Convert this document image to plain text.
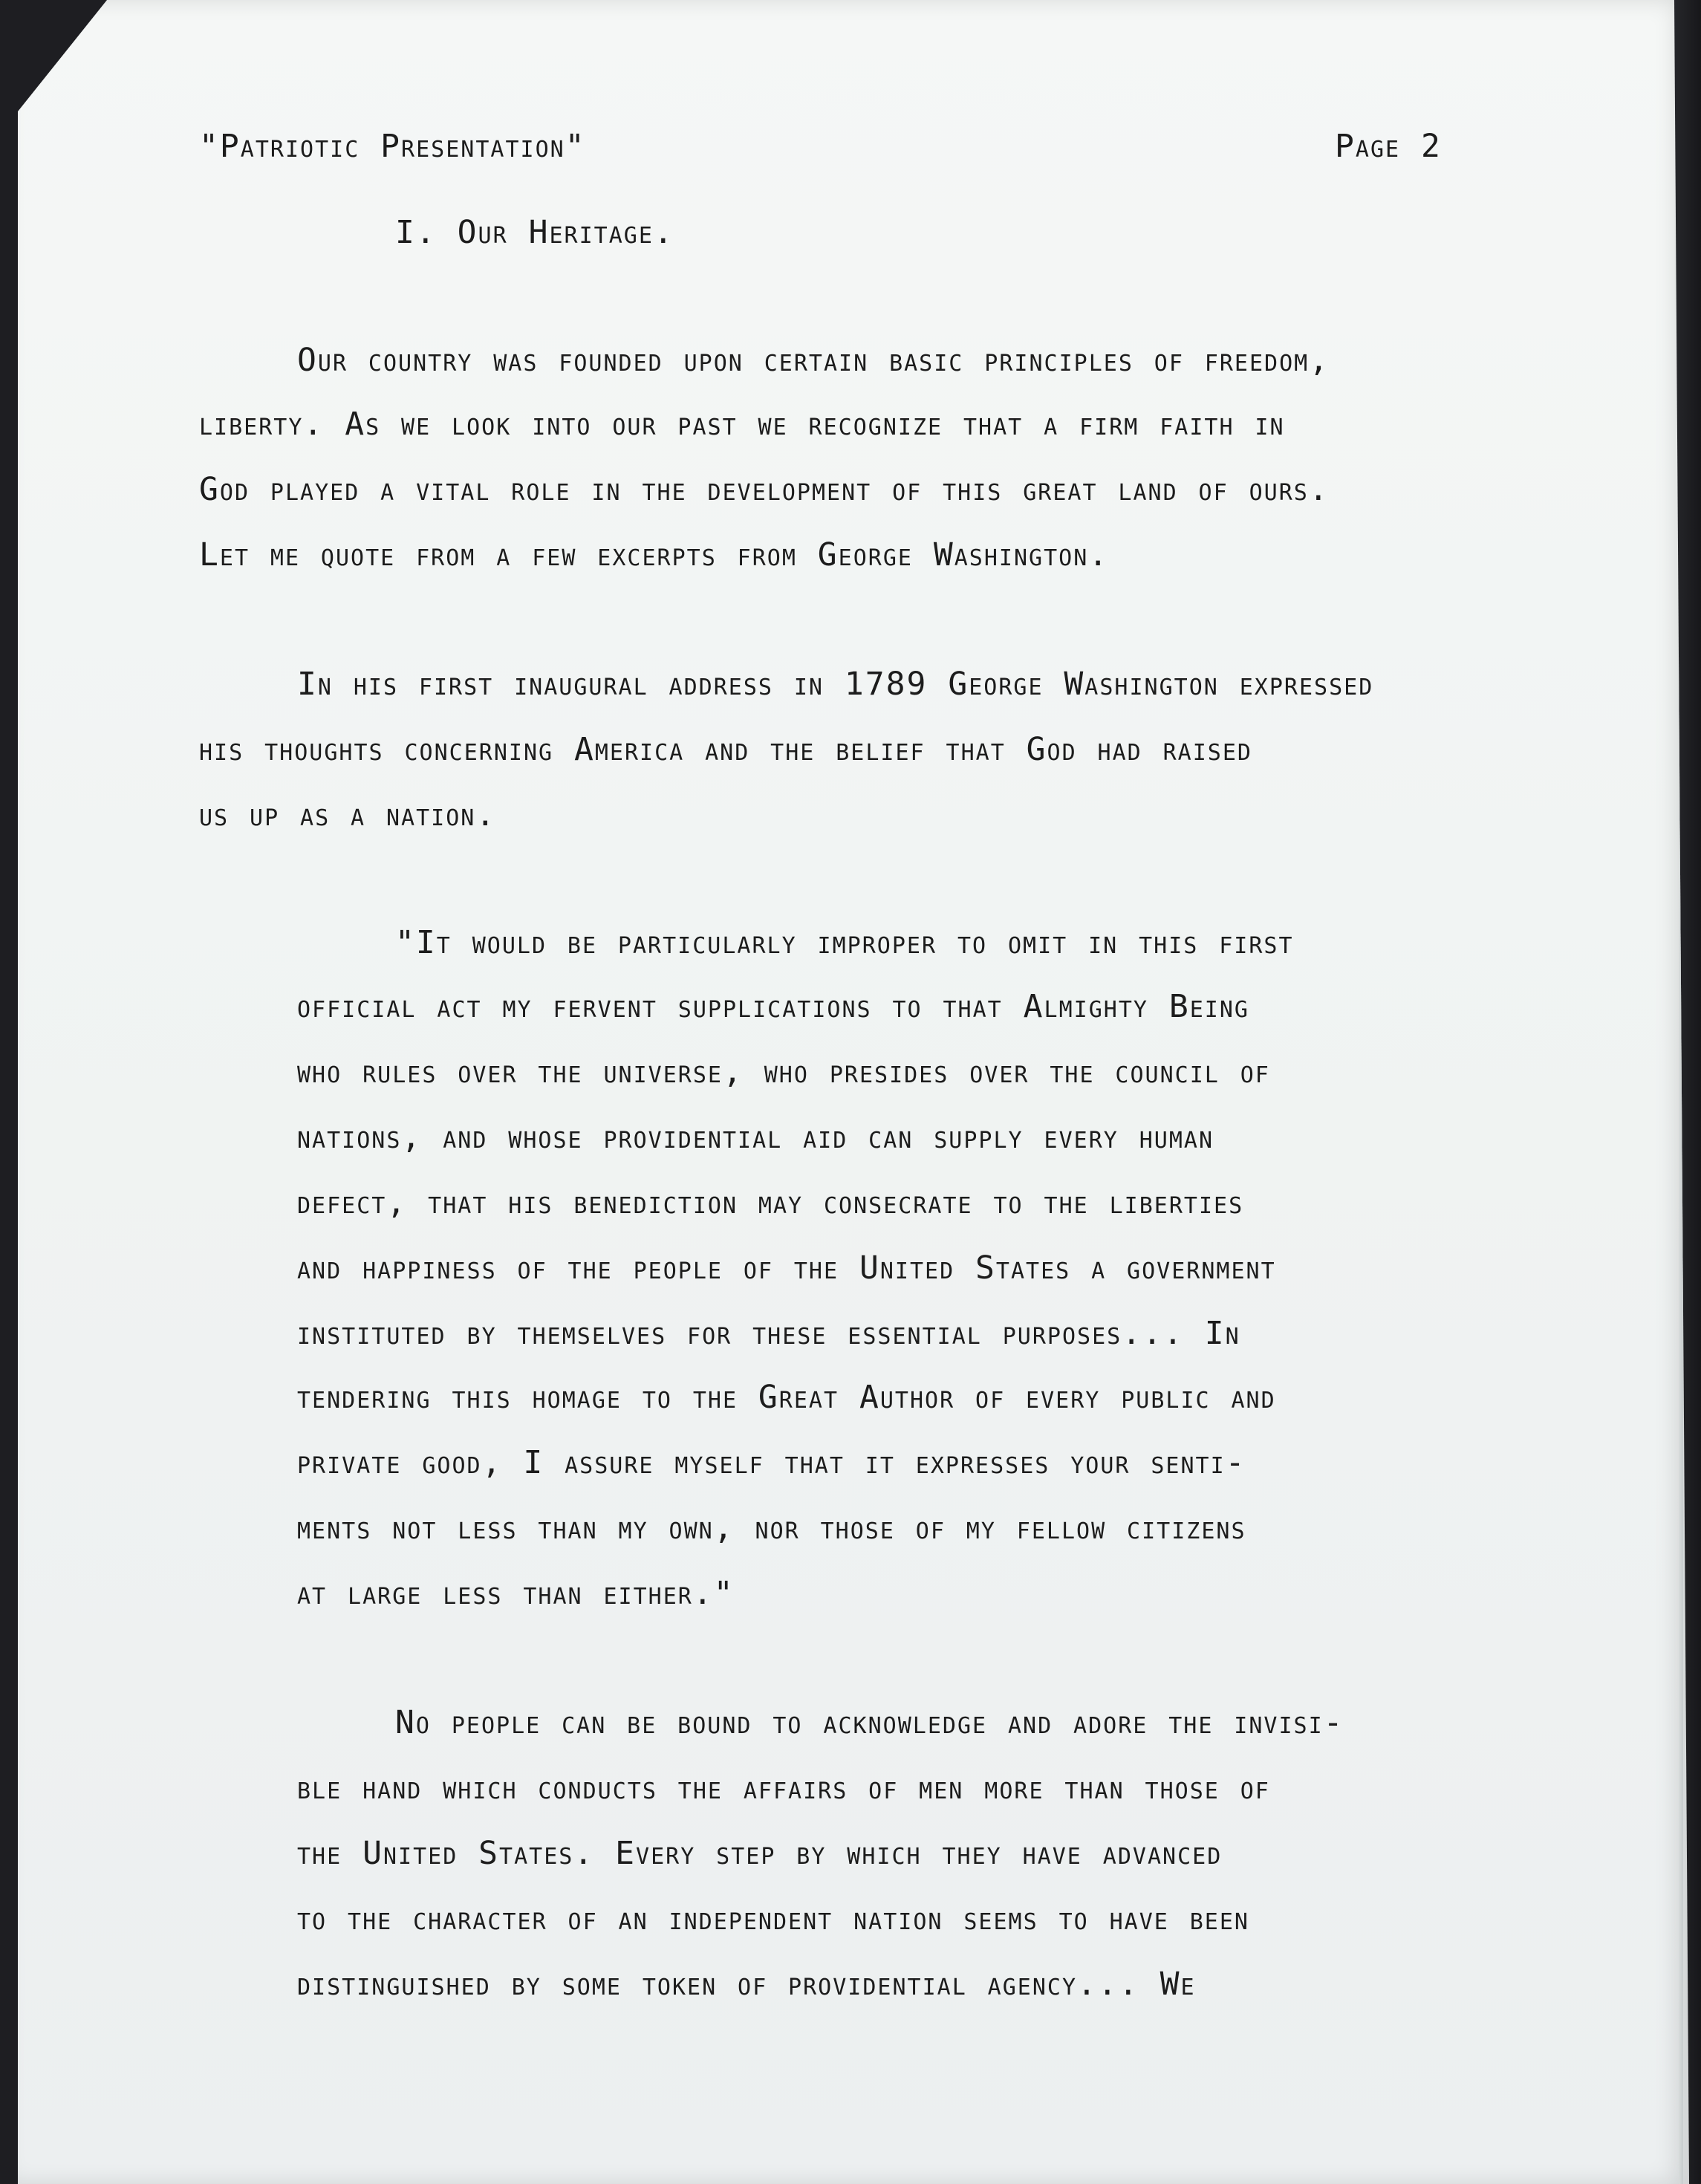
"Patriotic Presentation"	Page 2
I. Our Heritage.
Our country was founded upon certain basic principles of freedom,
liberty. As we look into our past we recognize that a firm faith in
God played a vital role in the development of this great land of ours.
Let me quote from a few excerpts from George Washington.
In his first inaugural address in 1789 George Washington expressed
his thoughts concerning America and the belief that God had raised
us up as a nation.
"It would be particularly improper to omit in this first
official act my fervent supplications to that Almighty Being
who rules over the universe, who presides over the council of
nations, and whose providential aid can supply every human
defect, that his benediction may consecrate to the liberties
and happiness of the people of the United States a government
instituted by themselves for these essential purposes... In
tendering this homage to the Great Author of every public and
private good, I assure myself that it expresses your senti-
ments not less than my own, nor those of my fellow citizens
at large less than either."
No people can be bound to acknowledge and adore the invisi-
ble hand which conducts the affairs of men more than those of
the United States. Every step by which they have advanced
to the character of an independent nation seems to have been
distinguished by some token of providential agency... We
